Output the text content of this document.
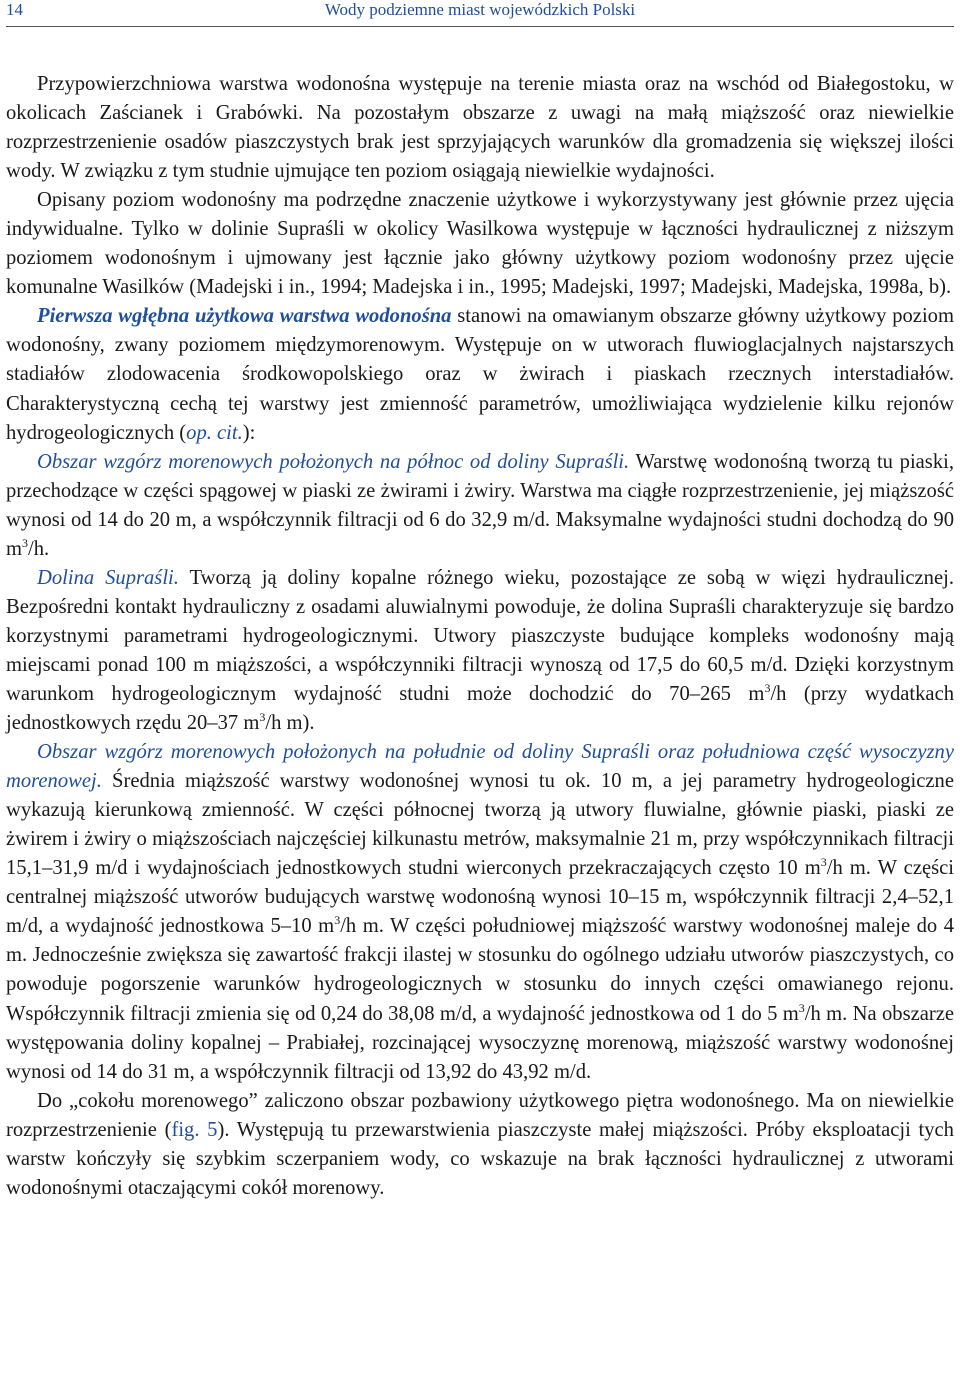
14	Wody podziemne miast wojewódzkich Polski

Przypowierzchniowa warstwa wodonośna występuje na terenie miasta oraz na wschód od Białegostoku, w okolicach Zaścianek i Grabówki. Na pozostałym obszarze z uwagi na małą miąższość oraz niewielkie rozprzestrzenienie osadów piaszczystych brak jest sprzyjających warunków dla gromadzenia się większej ilości wody. W związku z tym studnie ujmujące ten poziom osiągają niewielkie wydajności.

Opisany poziom wodonośny ma podrzędne znaczenie użytkowe i wykorzystywany jest głównie przez ujęcia indywidualne. Tylko w dolinie Supraśli w okolicy Wasilkowa występuje w łączności hydraulicznej z niższym poziomem wodonośnym i ujmowany jest łącznie jako główny użytkowy poziom wodonośny przez ujęcie komunalne Wasilków (Madejski i in., 1994; Madejska i in., 1995; Madejski, 1997; Madejski, Madejska, 1998a, b).

Pierwsza wgłębna użytkowa warstwa wodonośna stanowi na omawianym obszarze główny użytkowy poziom wodonośny, zwany poziomem międzymorenowym. Występuje on w utworach fluwioglacjalnych najstarszych stadiałów zlodowacenia środkowopolskiego oraz w żwirach i piaskach rzecznych interstadiałów. Charakterystyczną cechą tej warstwy jest zmienność parametrów, umożliwiająca wydzielenie kilku rejonów hydrogeologicznych (op. cit.):

Obszar wzgórz morenowych położonych na północ od doliny Supraśli. Warstwę wodonośną tworzą tu piaski, przechodzące w części spągowej w piaski ze żwirami i żwiry. Warstwa ma ciągłe rozprzestrzenienie, jej miąższość wynosi od 14 do 20 m, a współczynnik filtracji od 6 do 32,9 m/d. Maksymalne wydajności studni dochodzą do 90 $m^3/h$.

Dolina Supraśli. Tworzą ją doliny kopalne różnego wieku, pozostające ze sobą w więzi hydraulicznej. Bezpośredni kontakt hydrauliczny z osadami aluwialnymi powoduje, że dolina Supraśli charakteryzuje się bardzo korzystnymi parametrami hydrogeologicznymi. Utwory piaszczyste budujące kompleks wodonośny mają miejscami ponad 100 m miąższości, a współczynniki filtracji wynoszą od 17,5 do 60,5 m/d. Dzięki korzystnym warunkom hydrogeologicznym wydajność studni może dochodzić do 70–265 $m^3/h$ (przy wydatkach jednostkowych rzędu 20–37 $m^3/h$ m).

Obszar wzgórz morenowych położonych na południe od doliny Supraśli oraz południowa część wysoczyzny morenowej. Średnia miąższość warstwy wodonośnej wynosi tu ok. 10 m, a jej parametry hydrogeologiczne wykazują kierunkową zmienność. W części północnej tworzą ją utwory fluwialne, głównie piaski, piaski ze żwirem i żwiry o miąższościach najczęściej kilkunastu metrów, maksymalnie 21 m, przy współczynnikach filtracji 15,1–31,9 m/d i wydajnościach jednostkowych studni wierconych przekraczających często 10 $m^3/h$ m. W części centralnej miąższość utworów budujących warstwę wodonośną wynosi 10–15 m, współczynnik filtracji 2,4–52,1 m/d, a wydajność jednostkowa 5–10 $m^3/h$ m. W części południowej miąższość warstwy wodonośnej maleje do 4 m. Jednocześnie zwiększa się zawartość frakcji ilastej w stosunku do ogólnego udziału utworów piaszczystych, co powoduje pogorszenie warunków hydrogeologicznych w stosunku do innych części omawianego rejonu. Współczynnik filtracji zmienia się od 0,24 do 38,08 m/d, a wydajność jednostkowa od 1 do 5 $m^3/h$ m. Na obszarze występowania doliny kopalnej – Prabiałej, rozcinającej wysoczyznę morenową, miąższość warstwy wodonośnej wynosi od 14 do 31 m, a współczynnik filtracji od 13,92 do 43,92 m/d.

Do „cokołu morenowego” zaliczono obszar pozbawiony użytkowego piętra wodonośnego. Ma on niewielkie rozprzestrzenienie (fig. 5). Występują tu przewarstwienia piaszczyste małej miąższości. Próby eksploatacji tych warstw kończyły się szybkim sczerpaniem wody, co wskazuje na brak łączności hydraulicznej z utworami wodonośnymi otaczającymi cokół morenowy.
